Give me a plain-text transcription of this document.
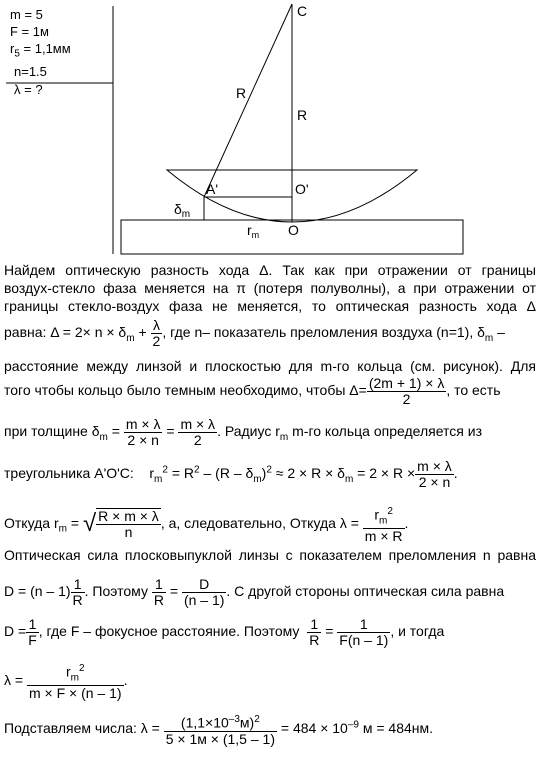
m = 5
F = 1м
$r_5 = 1,1мм$
n=1.5
λ = ?
C
R
R
A'	O'
O
$\delta_m$
$r_m$
Найдем оптическую разность хода Δ. Так как при отражении от границы
воздух-стекло фаза меняется на π (потеря полуволны), а при отражении от
границы стекло-воздух фаза не меняется, то оптическая разность хода Δ
равна: $\Delta = 2\times n \times \delta_m + \frac{\lambda}{2}$ , где n– показатель преломления воздуха (n=1), $\delta_m$ –
расстояние между линзой и плоскостью для m-го кольца (см. рисунок). Для
того чтобы кольцо было темным необходимо, чтобы $\Delta= \frac{(2m + 1) \times \lambda}{2}$ , то есть
при толщине $\delta_m = \frac{m \times \lambda}{2 \times n} = \frac{m \times \lambda}{2}$ . Радиус $r_m$ m-го кольца определяется из
треугольника A'O'C: $r_m^2 = R^2 - (R - \delta_m)^2 \approx 2 \times R \times \delta_m = 2 \times R \times \frac{m \times \lambda}{2 \times n}$ .
Откуда $r_m$ = √ $\frac{R \times m \times \lambda}{n}$ , а, следовательно, Откуда $\lambda = \frac{r_m^2}{m \times R}$ .
Оптическая сила плосковыпуклой линзы с показателем преломления n равна
$D = (n - 1) \frac{1}{R}$ . Поэтому $\frac{1}{R} = \frac{D}{(n - 1)}$ . С другой стороны оптическая сила равна
$D = \frac{1}{F}$ , где F – фокусное расстояние. Поэтому $\frac{1}{R} = \frac{1}{F(n - 1)}$ , и тогда
$\lambda = \frac{r_m^2}{m \times F \times (n - 1)}$ .
Подставляем числа: $\lambda = \frac{(1,1\times 10^{-3}м)^2}{5 \times 1м \times (1,5 - 1)} = 484 \times 10^{-9}$ м = 484нм.
